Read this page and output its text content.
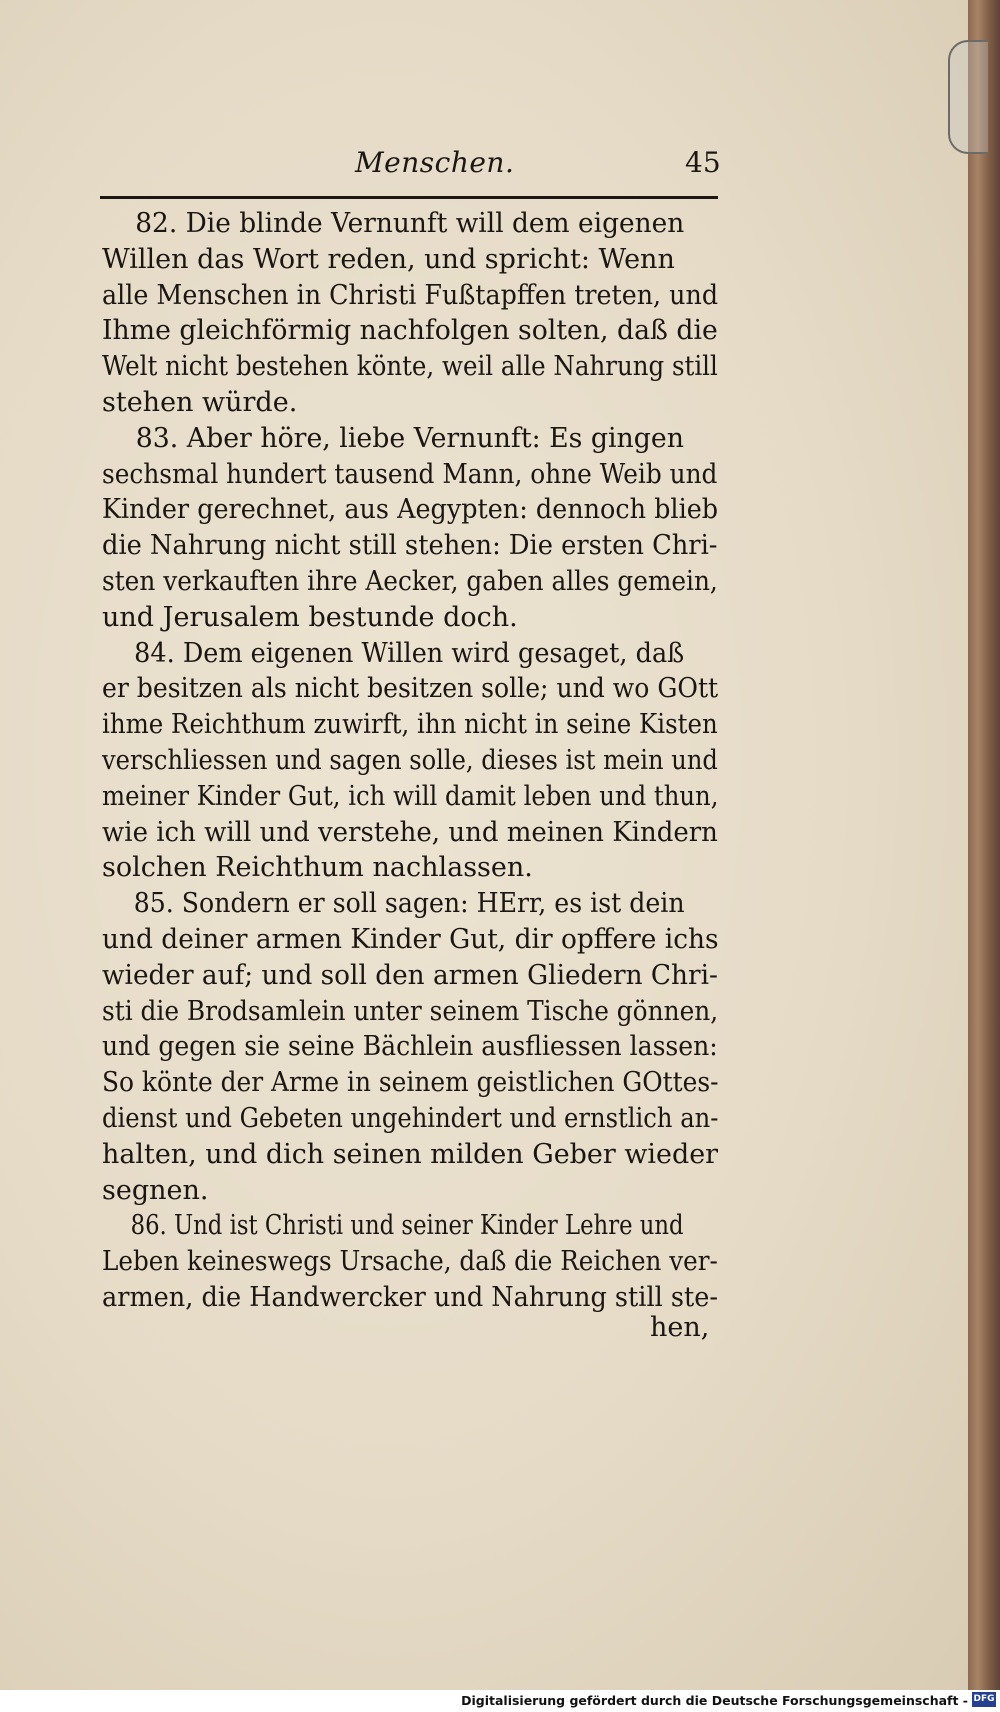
Menschen.	45
82. Die blinde Vernunft will dem eigenen
Willen das Wort reden, und spricht: Wenn
alle Menschen in Christi Fußtapffen treten, und
Ihme gleichförmig nachfolgen solten, daß die
Welt nicht bestehen könte, weil alle Nahrung still
stehen würde.
83. Aber höre, liebe Vernunft: Es gingen
sechsmal hundert tausend Mann, ohne Weib und
Kinder gerechnet, aus Aegypten: dennoch blieb
die Nahrung nicht still stehen: Die ersten Chri-
sten verkauften ihre Aecker, gaben alles gemein,
und Jerusalem bestunde doch.
84. Dem eigenen Willen wird gesaget, daß
er besitzen als nicht besitzen solle; und wo GOtt
ihme Reichthum zuwirft, ihn nicht in seine Kisten
verschliessen und sagen solle, dieses ist mein und
meiner Kinder Gut, ich will damit leben und thun,
wie ich will und verstehe, und meinen Kindern
solchen Reichthum nachlassen.
85. Sondern er soll sagen: HErr, es ist dein
und deiner armen Kinder Gut, dir opffere ichs
wieder auf; und soll den armen Gliedern Chri-
sti die Brodsamlein unter seinem Tische gönnen,
und gegen sie seine Bächlein ausfliessen lassen:
So könte der Arme in seinem geistlichen GOttes-
dienst und Gebeten ungehindert und ernstlich an-
halten, und dich seinen milden Geber wieder
segnen.
86. Und ist Christi und seiner Kinder Lehre und
Leben keineswegs Ursache, daß die Reichen ver-
armen, die Handwercker und Nahrung still ste-
hen,
Digitalisierung gefördert durch die Deutsche Forschungsgemeinschaft - DFG
